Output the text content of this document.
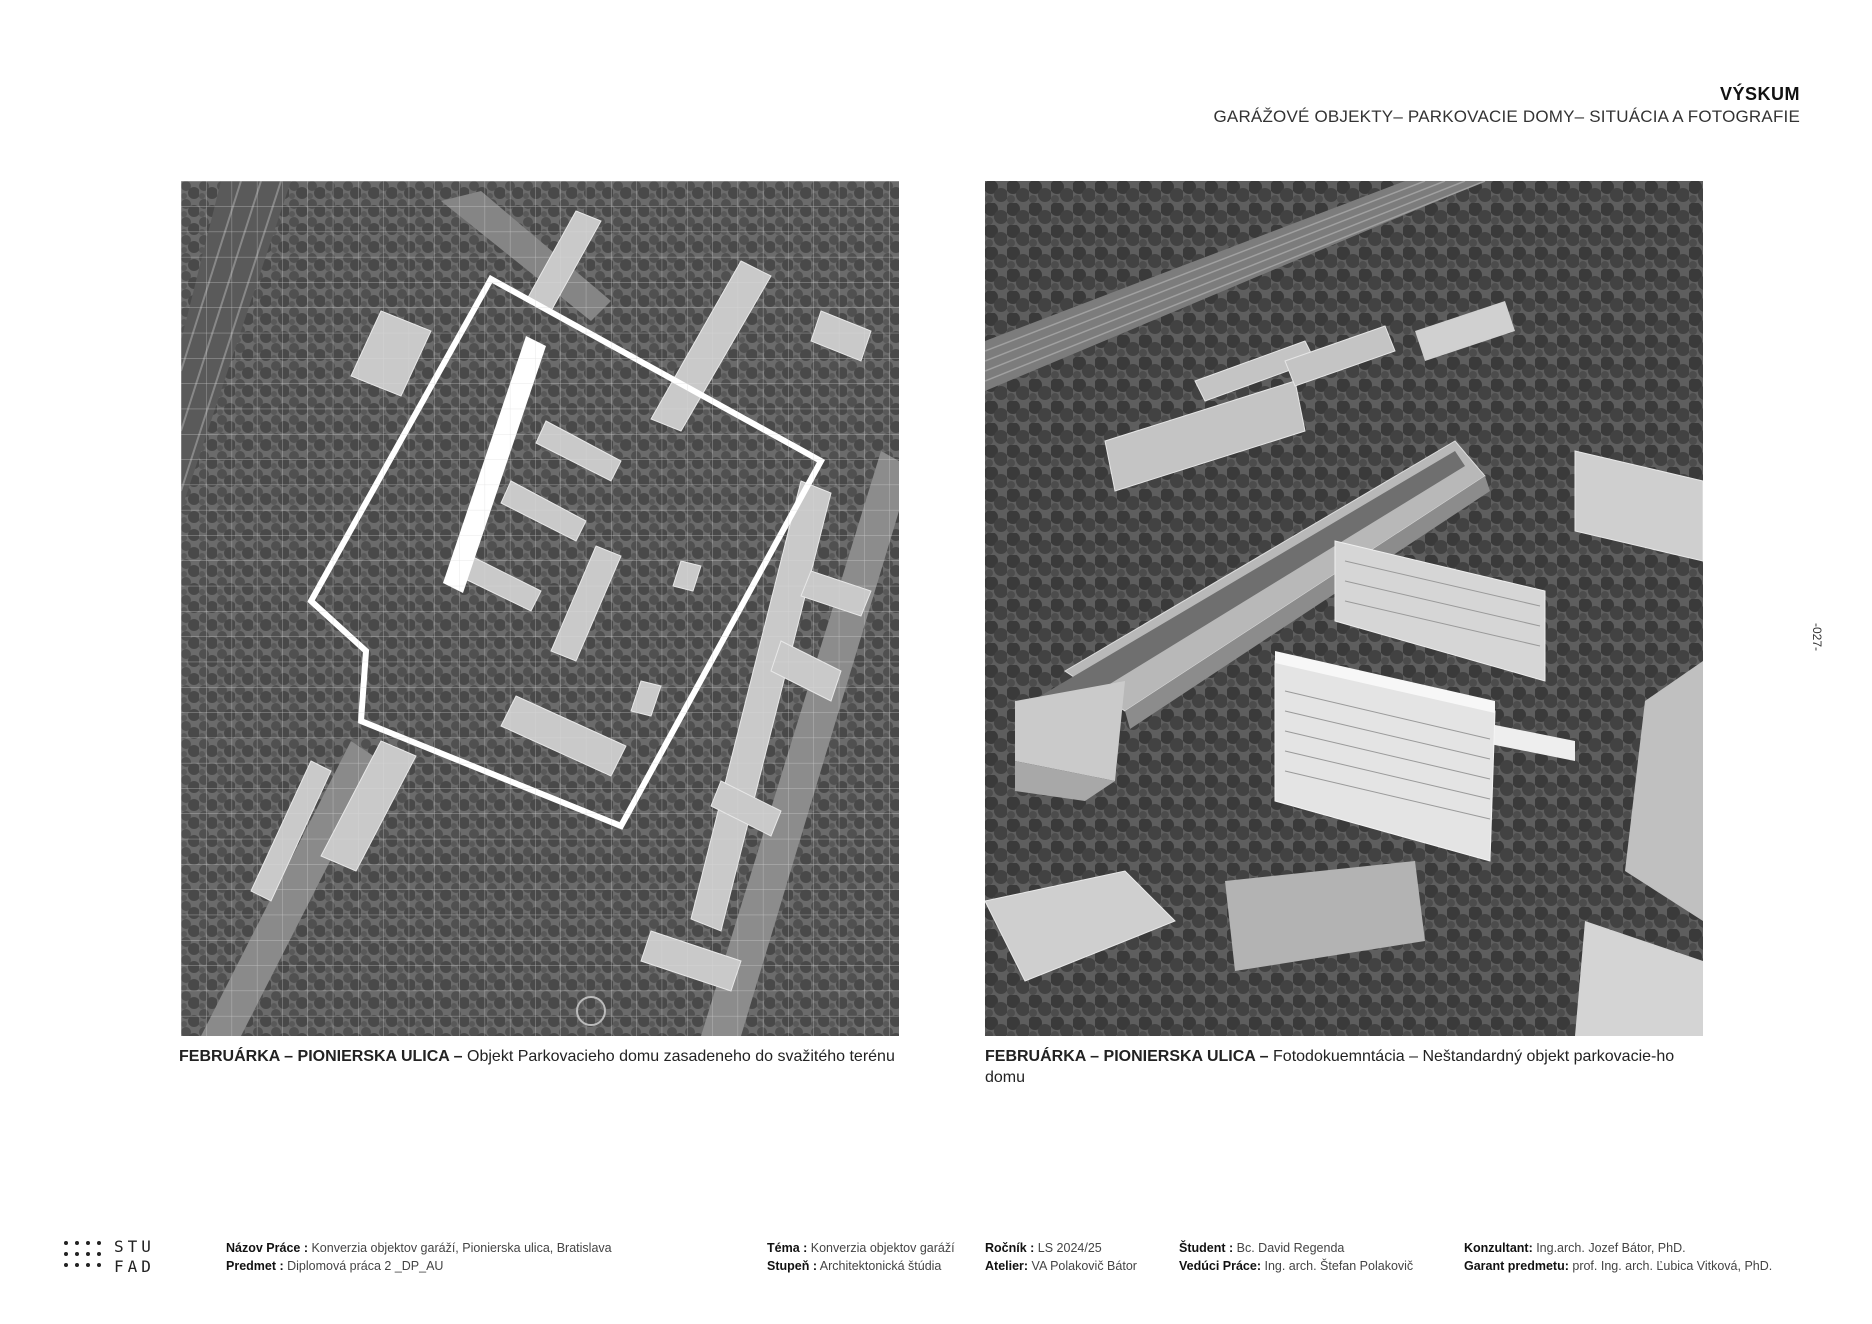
VÝSKUM
GARÁŽOVÉ OBJEKTY– PARKOVACIE DOMY– SITUÁCIA A FOTOGRAFIE
FEBRUÁRKA – PIONIERSKA ULICA – Objekt Parkovacieho domu zasadeneho do svažitého terénu	FEBRUÁRKA – PIONIERSKA ULICA – Fotodokuemntácia – Neštandardný objekt parkovacie-ho domu
-027-
STU
FAD
Názov Práce : Konverzia objektov garáží, Pionierska ulica, Bratislava
Predmet : Diplomová práca 2 _DP_AU
Téma : Konverzia objektov garáží
Stupeň : Architektonická štúdia
Ročník : LS 2024/25
Atelier: VA Polakovič Bátor
Študent : Bc. David Regenda
Vedúci Práce: Ing. arch. Štefan Polakovič
Konzultant: Ing.arch. Jozef Bátor, PhD.
Garant predmetu: prof. Ing. arch. Ľubica Vitková, PhD.
